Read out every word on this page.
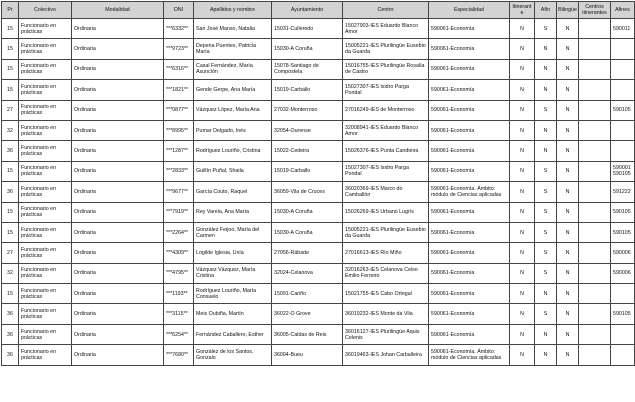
Pr	Colectivo	Modalidad	DNI	Apellidos y nombre	Ayuntamiento	Centro	Especialidad	Itinerante	Afín	Bilingüe	Centros itinerantes	Afines
15	Funcionario en prácticas	Ordinaria	***6332**	San José Manso, Natalia	15031-Culleredo	15027903-IES Eduardo Blanco Amor	590061-Economía	N	S	N		590011
15	Funcionario en prácticas	Ordinaria	***9723**	Depena Puentes, Patricia María	15030-A Coruña	15005221-IES Plurilingüe Eusebio da Guarda	590061-Economía	N	N	N		
15	Funcionario en prácticas	Ordinaria	***6316**	Casal Fernández, María Asunción	15078-Santiago de Compostela	15016755-IES Plurilingüe Rosalía de Castro	590061-Economía	N	N	N		
15	Funcionario en prácticas	Ordinaria	***1821**	Gende Gerpe, Ana María	15019-Carballo	15027307-IES Isidro Parga Pondal	590061-Economía	N	N	N		
27	Funcionario en prácticas	Ordinaria	***0877**	Vázquez López, María Ana	27032-Monterroso	27016249-IES de Monterroso	590061-Economía	N	S	N		590105
32	Funcionario en prácticas	Ordinaria	***8995**	Pumar Delgado, Inés	32054-Ourense	32008941-IES Eduardo Blanco Amor	590061-Economía	N	N	N		
36	Funcionario en prácticas	Ordinaria	***1287**	Rodríguez Louriño, Cristina	15022-Cedeira	15026376-IES Punta Candieira	590061-Economía	N	N	N		
15	Funcionario en prácticas	Ordinaria	***2833**	Guillín Puñal, Shaila	15019-Carballo	15027307-IES Isidro Parga Pondal	590061-Economía	N	S	N		590001 590105
36	Funcionario en prácticas	Ordinaria	***9677**	García Couto, Raquel	36059-Vila de Cruces	36020369-IES Marco do Camballón	590061-Economía. Ámbito: módulo de Ciencias aplicadas	N	S	N		591222
15	Funcionario en prácticas	Ordinaria	***7919**	Rey Varela, Ana María	15030-A Coruña	15026269-IES Urbano Lugrís	590061-Economía	N	S	N		590105
15	Funcionario en prácticas	Ordinaria	***2264**	González Feijoo, María del Carmen	15030-A Coruña	15005221-IES Plurilingüe Eusebio da Guarda	590061-Economía	N	S	N		590105
27	Funcionario en prácticas	Ordinaria	***4309**	Logilde Iglesia, Uxía	27056-Rábade	27016613-IES Río Miño	590061-Economía	N	S	N		590006
32	Funcionario en prácticas	Ordinaria	***4795**	Vázquez Vázquez, María Cristina	32024-Celanova	32016263-IES Celanova Celso Emilio Ferreiro	590061-Economía	N	S	N		590006
15	Funcionario en prácticas	Ordinaria	***1193**	Rodríguez Louriño, María Consuelo	15091-Cariño	15021755-IES Cabo Ortegal	590061-Economía	N	N	N		
36	Funcionario en prácticas	Ordinaria	***3115**	Meis Oubiña, Martín	36022-O Grove	36019232-IES Monte da Vila	590061-Economía	N	S	N		590105
36	Funcionario en prácticas	Ordinaria	***6254**	Fernández Caballero, Esther	36005-Caldas de Reis	36016127-IES Plurilingüe Aquis Celenis	590061-Economía	N	N	N		
36	Funcionario en prácticas	Ordinaria	***7680**	González de los Santos, Gonzalo	36004-Bueu	36019463-IES Johan Carballeira	590061-Economía. Ámbito: módulo de Ciencias aplicadas	N	N	N		
